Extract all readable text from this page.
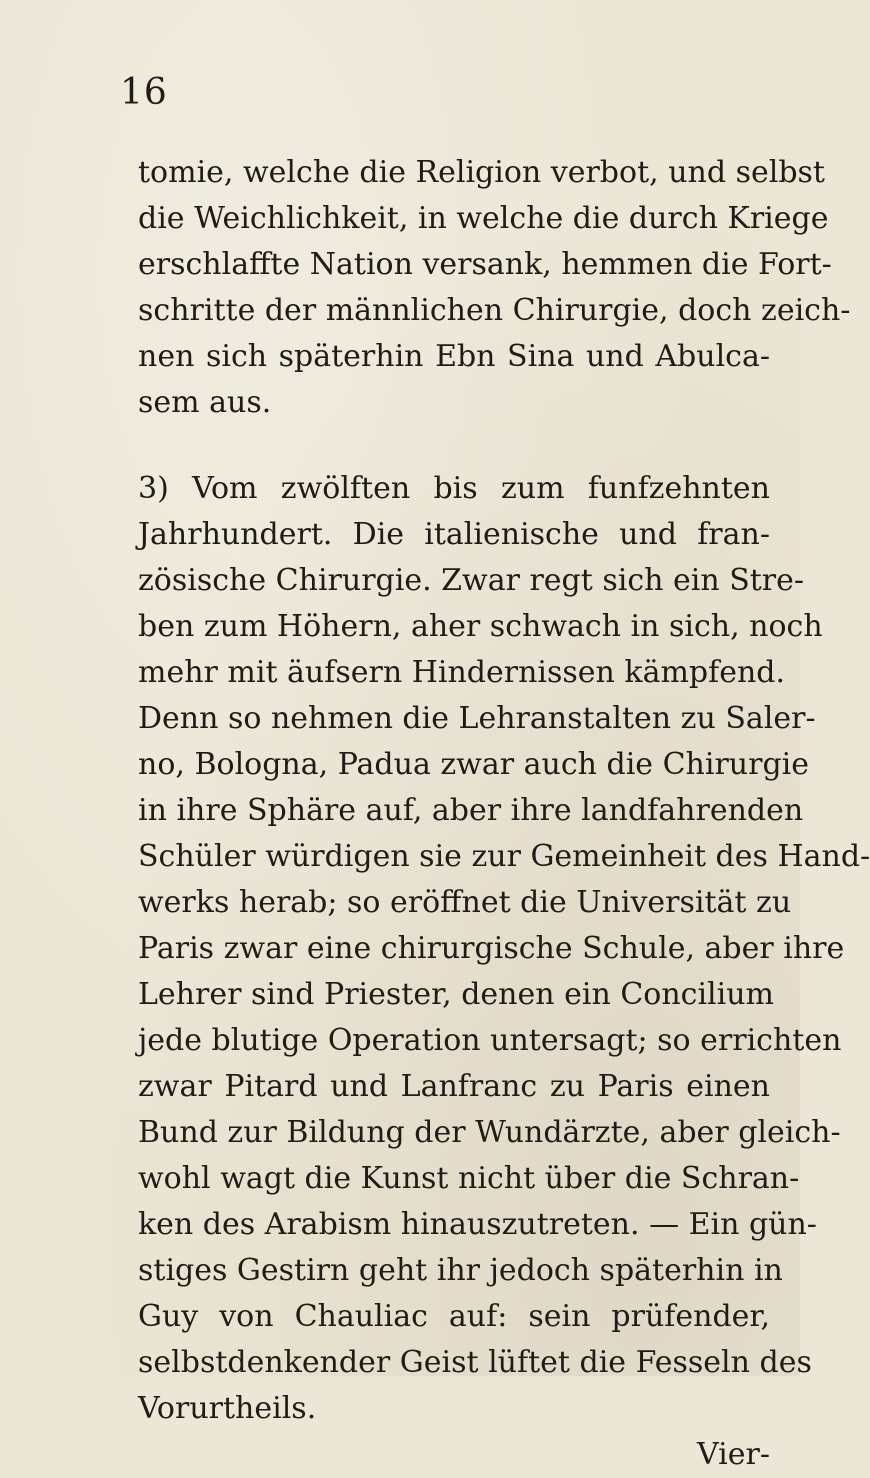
16
tomie, welche die Religion verbot, und selbst
die Weichlichkeit, in welche die durch Kriege
erschlaffte Nation versank, hemmen die Fort-
schritte der männlichen Chirurgie, doch zeich-
nen sich späterhin Ebn Sina und Abulca-
sem aus.
3) Vom zwölften bis zum funfzehnten
Jahrhundert. Die italienische und fran-
zösische Chirurgie. Zwar regt sich ein Stre-
ben zum Höhern, aher schwach in sich, noch
mehr mit äufsern Hindernissen kämpfend.
Denn so nehmen die Lehranstalten zu Saler-
no, Bologna, Padua zwar auch die Chirurgie
in ihre Sphäre auf, aber ihre landfahrenden
Schüler würdigen sie zur Gemeinheit des Hand-
werks herab; so eröffnet die Universität zu
Paris zwar eine chirurgische Schule, aber ihre
Lehrer sind Priester, denen ein Concilium
jede blutige Operation untersagt; so errichten
zwar Pitard und Lanfranc zu Paris einen
Bund zur Bildung der Wundärzte, aber gleich-
wohl wagt die Kunst nicht über die Schran-
ken des Arabism hinauszutreten. — Ein gün-
stiges Gestirn geht ihr jedoch späterhin in
Guy von Chauliac auf: sein prüfender,
selbstdenkender Geist lüftet die Fesseln des
Vorurtheils.
Vier-
